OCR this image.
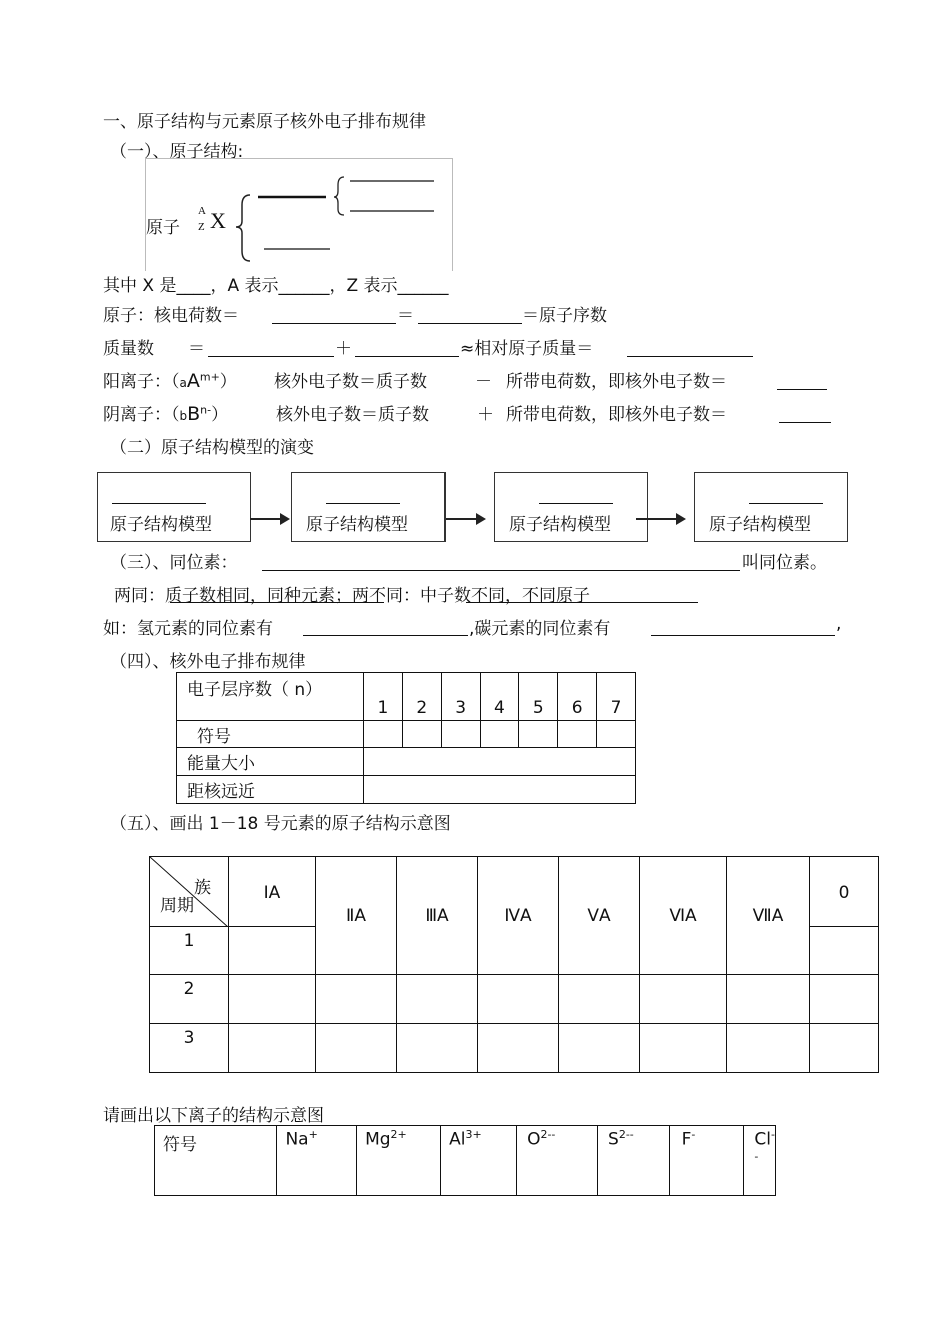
一、原子结构与元素原子核外电子排布规律
（一）、原子结构:
原子
A
Z X
其中 X 是____，A 表示______，Z 表示______
原子：核电荷数＝	＝	＝原子序数
质量数 ＝	＋	≈相对原子质量＝
阳离子：$(aA^{m+})$ 核外电子数＝质子数	－ 所带电荷数，即核外电子数＝
阴离子：$(bB^{n-})$	核外电子数＝质子数	＋ 所带电荷数，即核外电子数＝
（二）原子结构模型的演变
原子结构模型	原子结构模型	原子结构模型	原子结构模型
（三）、同位素：	叫同位素。
两同：质子数相同，同种元素；两不同：中子数不同，不同原子
如：氢元素的同位素有	,碳元素的同位素有	,
（四）、核外电子排布规律
电子层序数（ n）	1	2	3	4	5	6	7
符号							
能量大小							
距核远近							
（五）、画出 1－18 号元素的原子结构示意图
族
周期	ⅠA	ⅡA	ⅢA	ⅣA	ⅤA	ⅥA	ⅦA	0
1								
2								
3								
请画出以下离子的结构示意图
符号	Na+	$Mg^{2+}$	$Al^{3+}$	$O^{2--}$	$S^{2--}$	F-	Cl--
